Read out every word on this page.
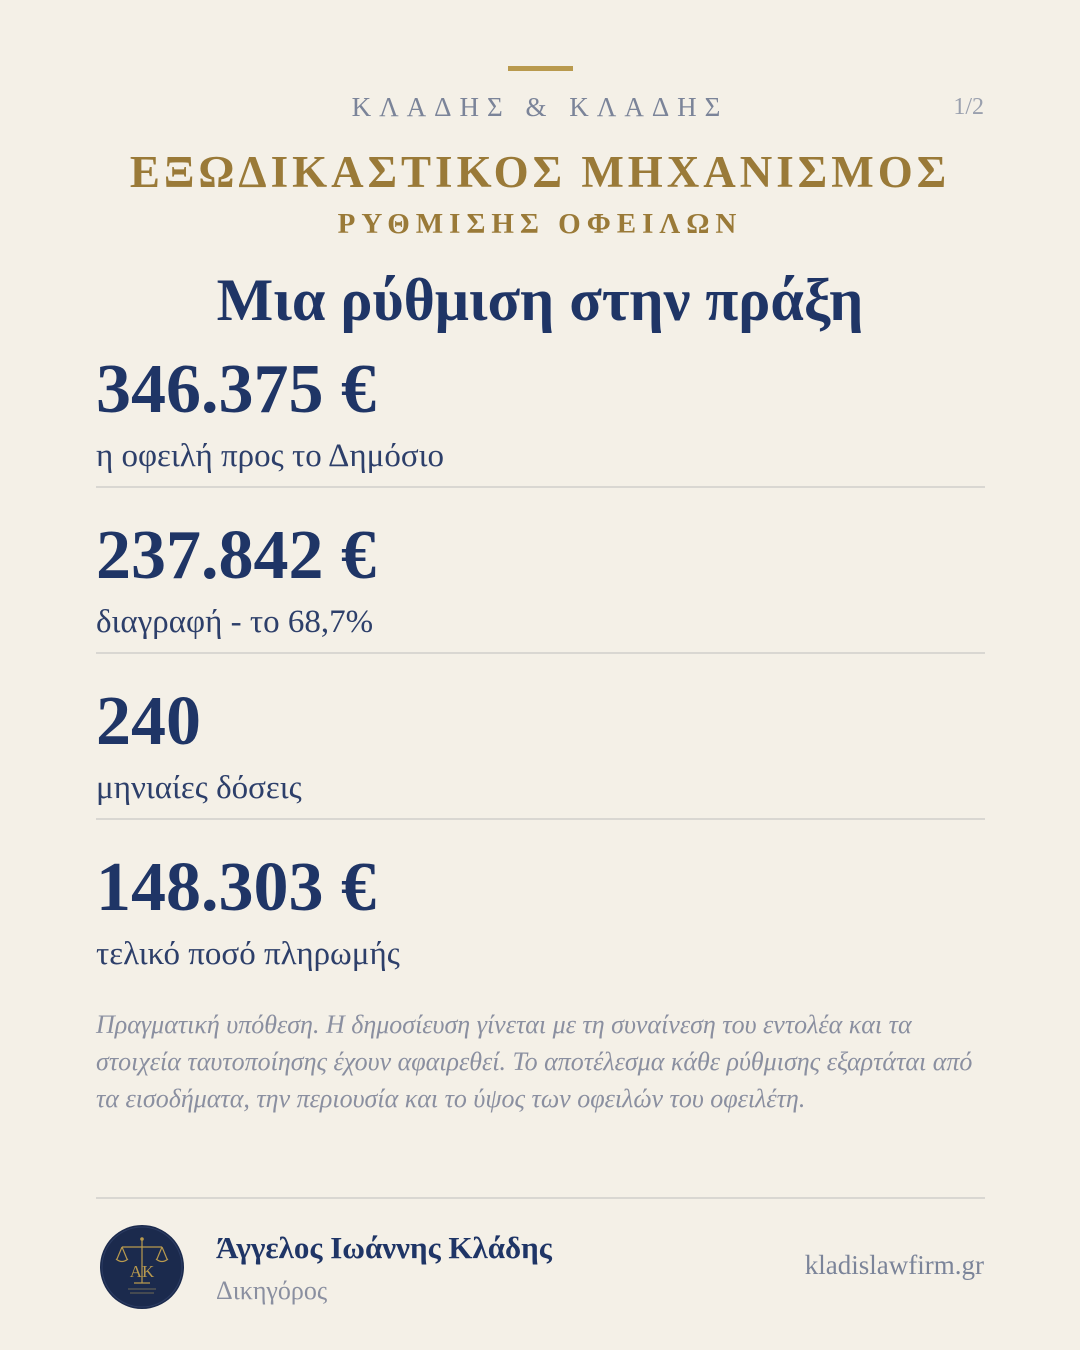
ΚΛΑΔΗΣ & ΚΛΑΔΗΣ	1/2
ΕΞΩΔΙΚΑΣΤΙΚΟΣ ΜΗΧΑΝΙΣΜΟΣ
ΡΥΘΜΙΣΗΣ ΟΦΕΙΛΩΝ
Μια ρύθμιση στην πράξη
346.375 €
η οφειλή προς το Δημόσιο
237.842 €
διαγραφή - το 68,7%
240
μηνιαίες δόσεις
148.303 €
τελικό ποσό πληρωμής
Πραγματική υπόθεση. Η δημοσίευση γίνεται με τη συναίνεση του εντολέα και τα στοιχεία ταυτοποίησης έχουν αφαιρεθεί. Το αποτέλεσμα κάθε ρύθμισης εξαρτάται από τα εισοδήματα, την περιουσία και το ύψος των οφειλών του οφειλέτη.
ΑΚ
Άγγελος Ιωάννης Κλάδης
Δικηγόρος
kladislawfirm.gr
